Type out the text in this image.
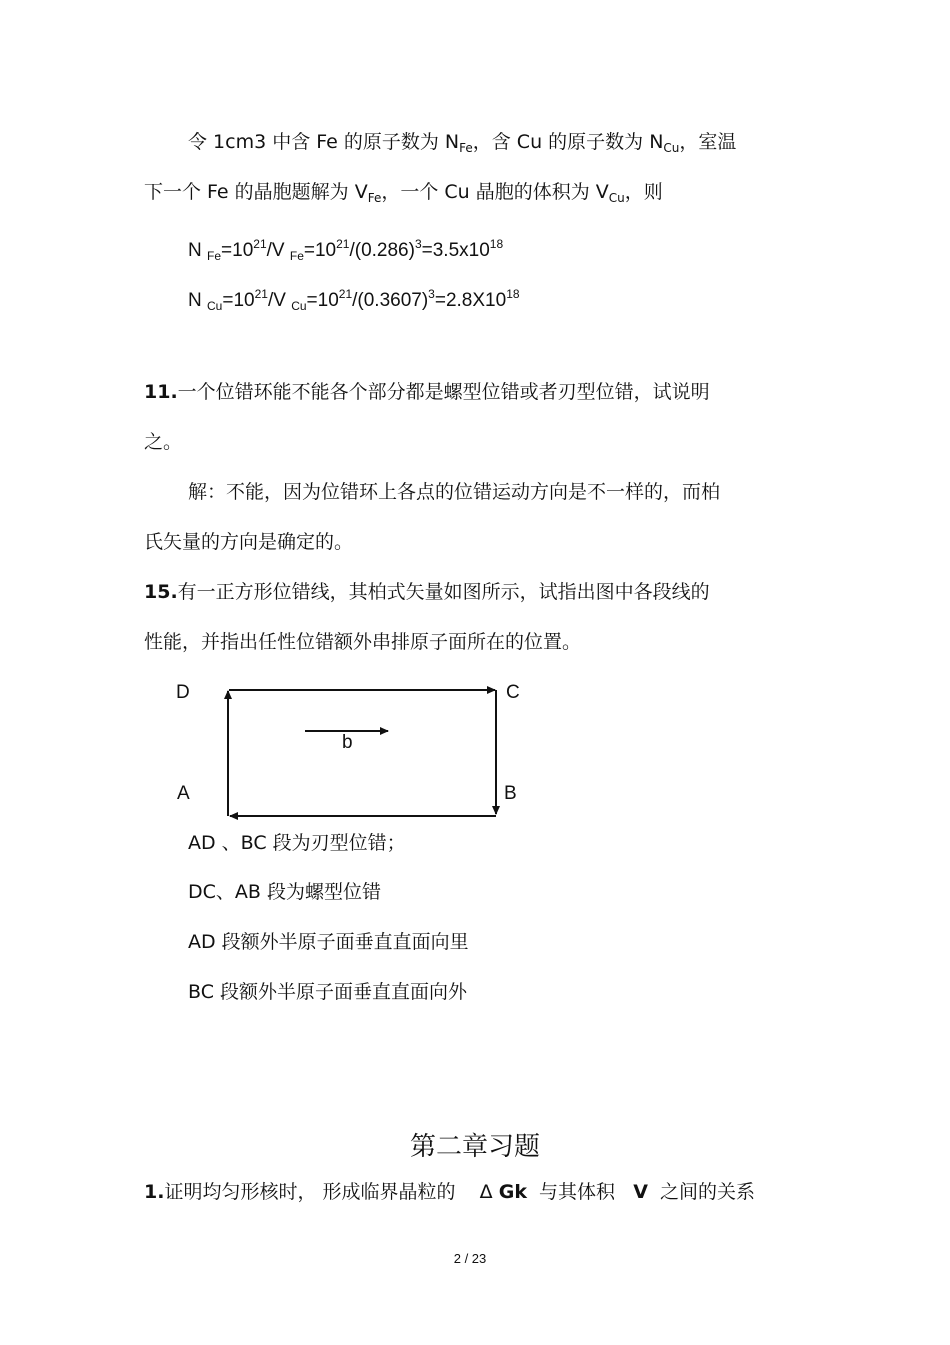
令 1cm3 中含 Fe 的原子数为 $N_{Fe}$，含 Cu 的原子数为 $N_{Cu}$，室温
下一个 Fe 的晶胞题解为 $V_{Fe}$，一个 Cu 晶胞的体积为 $V_{Cu}$，则
N $_{Fe}=10^{21}/V$ $_{Fe}=10^{21}/(0.286)^3=3.5x10^{18}$
N $_{Cu}=10^{21}/V$ $_{Cu}=10^{21}/(0.3607)^3=2.8X10^{18}$
11.一个位错环能不能各个部分都是螺型位错或者刃型位错，试说明
之。
解：不能，因为位错环上各点的位错运动方向是不一样的，而柏
氏矢量的方向是确定的。
15.有一正方形位错线，其柏式矢量如图所示，试指出图中各段线的
性能，并指出任性位错额外串排原子面所在的位置。
D	C
b
A	B
AD 、BC 段为刃型位错；
DC、AB 段为螺型位错
AD 段额外半原子面垂直直面向里
BC 段额外半原子面垂直直面向外
第二章习题
1.证明均匀形核时， 形成临界晶粒的 Δ Gk 与其体积 V 之间的关系
2 / 23
